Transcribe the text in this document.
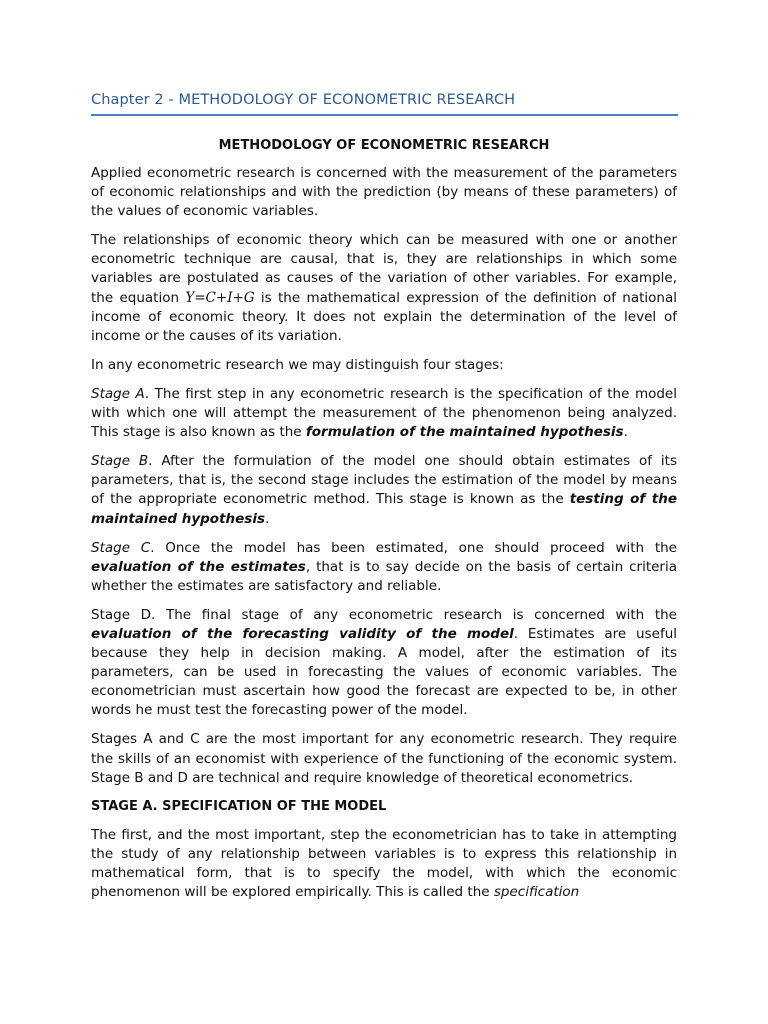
Chapter 2 - METHODOLOGY OF ECONOMETRIC RESEARCH
METHODOLOGY OF ECONOMETRIC RESEARCH

Applied econometric research is concerned with the measurement of the parameters of economic relationships and with the prediction (by means of these parameters) of the values of economic variables.

The relationships of economic theory which can be measured with one or another econometric technique are causal, that is, they are relationships in which some variables are postulated as causes of the variation of other variables. For example, the equation Y=C+I+G is the mathematical expression of the definition of national income of economic theory. It does not explain the determination of the level of income or the causes of its variation.

In any econometric research we may distinguish four stages:

Stage A. The first step in any econometric research is the specification of the model with which one will attempt the measurement of the phenomenon being analyzed. This stage is also known as the formulation of the maintained hypothesis.

Stage B. After the formulation of the model one should obtain estimates of its parameters, that is, the second stage includes the estimation of the model by means of the appropriate econometric method. This stage is known as the testing of the maintained hypothesis.

Stage C. Once the model has been estimated, one should proceed with the evaluation of the estimates, that is to say decide on the basis of certain criteria whether the estimates are satisfactory and reliable.

Stage D. The final stage of any econometric research is concerned with the evaluation of the forecasting validity of the model. Estimates are useful because they help in decision making. A model, after the estimation of its parameters, can be used in forecasting the values of economic variables. The econometrician must ascertain how good the forecast are expected to be, in other words he must test the forecasting power of the model.

Stages A and C are the most important for any econometric research. They require the skills of an economist with experience of the functioning of the economic system. Stage B and D are technical and require knowledge of theoretical econometrics.

STAGE A. SPECIFICATION OF THE MODEL

The first, and the most important, step the econometrician has to take in attempting the study of any relationship between variables is to express this relationship in mathematical form, that is to specify the model, with which the economic phenomenon will be explored empirically. This is called the specification
